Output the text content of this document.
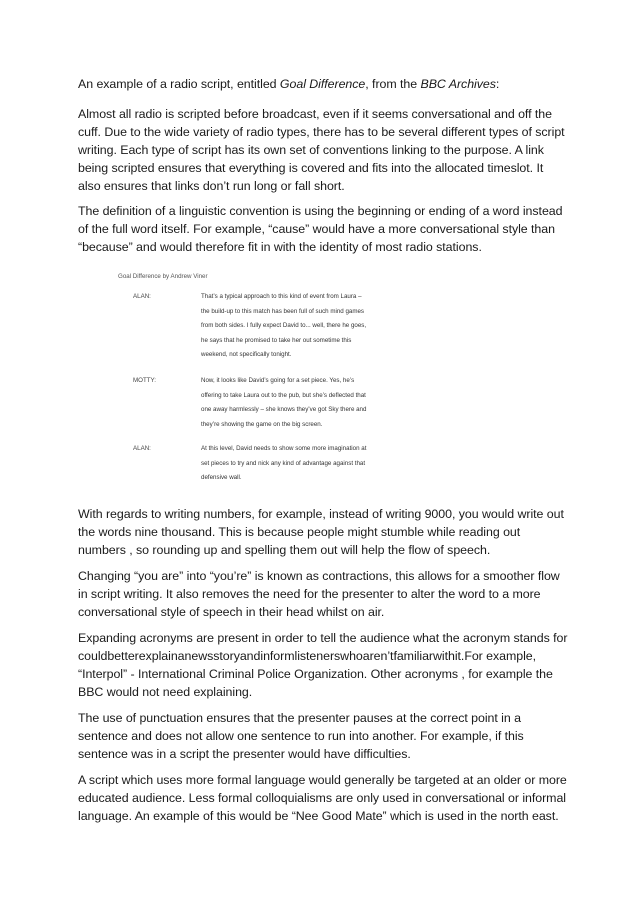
An example of a radio script, entitled Goal Difference, from the BBC Archives:

Almost all radio is scripted before broadcast, even if it seems conversational and off the cuff. Due to the wide variety of radio types, there has to be several different types of script writing. Each type of script has its own set of conventions linking to the purpose. A link being scripted ensures that everything is covered and fits into the allocated timeslot. It also ensures that links don’t run long or fall short.

The definition of a linguistic convention is using the beginning or ending of a word instead of the full word itself. For example, “cause” would have a more conversational style than “because” and would therefore fit in with the identity of most radio stations.

With regards to writing numbers, for example, instead of writing 9000, you would write out the words nine thousand. This is because people might stumble while reading out numbers , so rounding up and spelling them out will help the flow of speech.

Changing “you are” into “you’re” is known as contractions, this allows for a smoother flow in script writing. It also removes the need for the presenter to alter the word to a more conversational style of speech in their head whilst on air.

Expanding acronyms are present in order to tell the audience what the acronym stands for
couldbetterexplainanewsstoryandinformlistenerswhoaren’tfamiliarwithit.For example, “Interpol” - International Criminal Police Organization. Other acronyms , for example the BBC would not need explaining.

The use of punctuation ensures that the presenter pauses at the correct point in a sentence and does not allow one sentence to run into another. For example, if this sentence was in a script the presenter would have difficulties.

A script which uses more formal language would generally be targeted at an older or more educated audience. Less formal colloquialisms are only used in conversational or informal language. An example of this would be “Nee Good Mate‟ which is used in the north east.

Goal Difference by Andrew Viner
ALAN:	That’s a typical approach to this kind of event from Laura –
the build-up to this match has been full of such mind games
from both sides. I fully expect David to... well, there he goes,
he says that he promised to take her out sometime this
weekend, not specifically tonight.
MOTTY:	Now, it looks like David’s going for a set piece. Yes, he’s
offering to take Laura out to the pub, but she’s deflected that
one away harmlessly – she knows they’ve got Sky there and
they’re showing the game on the big screen.
ALAN:	At this level, David needs to show some more imagination at
set pieces to try and nick any kind of advantage against that
defensive wall.
